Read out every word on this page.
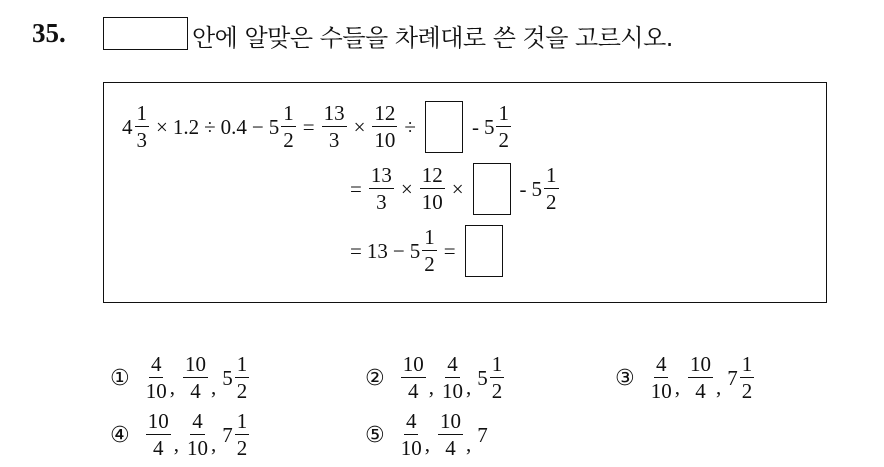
35.	안에 알맞은 수들을 차례대로 쓴 것을 고르시오.
$4 \frac{1}{3} \times 1.2 \div 0.4 - 5 \frac{1}{2} = \frac{13}{3} \times \frac{12}{10}$ ÷	- $5 \frac{1}{2}$
= $\frac{13}{3} \times \frac{12}{10}$ ×	- $5 \frac{1}{2}$
= $13 - 5 \frac{1}{2}$ =
① $\frac{4}{10}$ , $\frac{10}{4}$ , $5 \frac{1}{2}$	② $\frac{10}{4}$ , $\frac{4}{10}$ , $5 \frac{1}{2}$	③ $\frac{4}{10}$ , $\frac{10}{4}$ , $7 \frac{1}{2}$
④ $\frac{10}{4}$ , $\frac{4}{10}$ , $7 \frac{1}{2}$	⑤ $\frac{4}{10}$ , $\frac{10}{4}$ , 7
